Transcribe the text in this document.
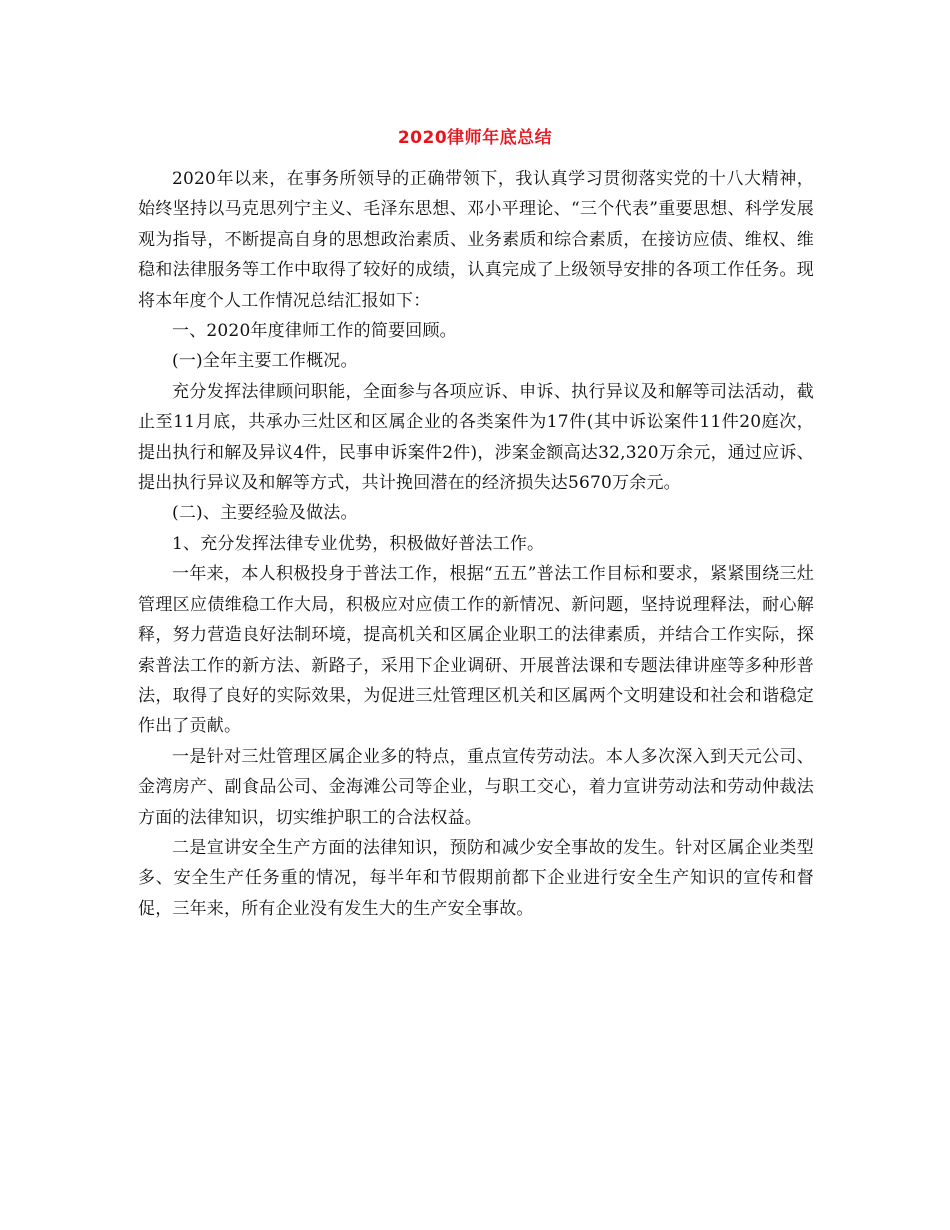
2020律师年底总结

2020年以来，在事务所领导的正确带领下，我认真学习贯彻落实党的十八大精神，始终坚持以马克思列宁主义、毛泽东思想、邓小平理论、“三个代表”重要思想、科学发展观为指导，不断提高自身的思想政治素质、业务素质和综合素质，在接访应债、维权、维稳和法律服务等工作中取得了较好的成绩，认真完成了上级领导安排的各项工作任务。现将本年度个人工作情况总结汇报如下：

一、2020年度律师工作的简要回顾。

(一)全年主要工作概况。

充分发挥法律顾问职能，全面参与各项应诉、申诉、执行异议及和解等司法活动，截止至11月底，共承办三灶区和区属企业的各类案件为17件(其中诉讼案件11件20庭次，提出执行和解及异议4件，民事申诉案件2件)，涉案金额高达32,320万余元，通过应诉、提出执行异议及和解等方式，共计挽回潜在的经济损失达5670万余元。

(二)、主要经验及做法。

1、充分发挥法律专业优势，积极做好普法工作。

一年来，本人积极投身于普法工作，根据“五五”普法工作目标和要求，紧紧围绕三灶管理区应债维稳工作大局，积极应对应债工作的新情况、新问题，坚持说理释法，耐心解释，努力营造良好法制环境，提高机关和区属企业职工的法律素质，并结合工作实际，探索普法工作的新方法、新路子，采用下企业调研、开展普法课和专题法律讲座等多种形普法，取得了良好的实际效果，为促进三灶管理区机关和区属两个文明建设和社会和谐稳定作出了贡献。

一是针对三灶管理区属企业多的特点，重点宣传劳动法。本人多次深入到天元公司、金湾房产、副食品公司、金海滩公司等企业，与职工交心，着力宣讲劳动法和劳动仲裁法方面的法律知识，切实维护职工的合法权益。

二是宣讲安全生产方面的法律知识，预防和减少安全事故的发生。针对区属企业类型多、安全生产任务重的情况，每半年和节假期前都下企业进行安全生产知识的宣传和督促，三年来，所有企业没有发生大的生产安全事故。
